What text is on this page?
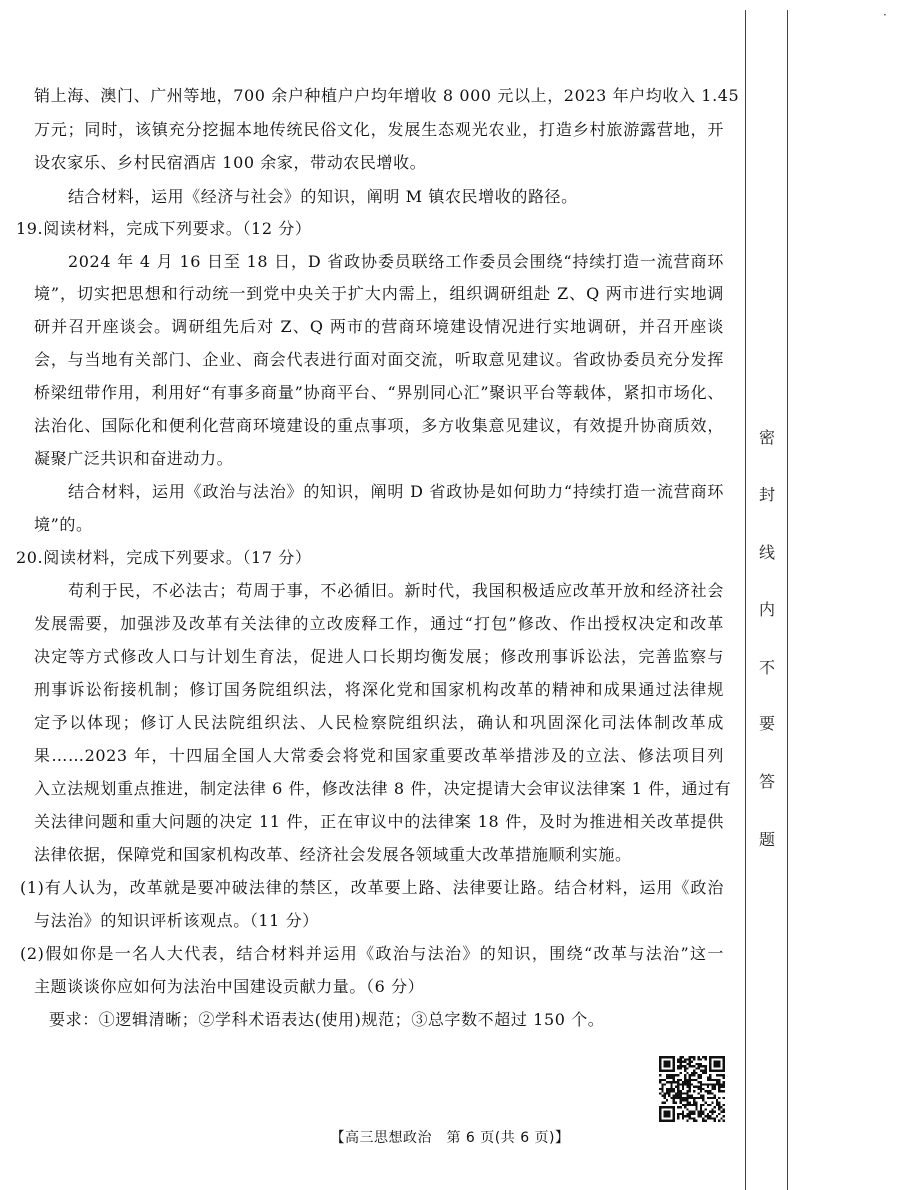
·
销上海、澳门、广州等地，700 余户种植户户均年增收 8 000 元以上，2023 年户均收入 1.45
万元；同时，该镇充分挖掘本地传统民俗文化，发展生态观光农业，打造乡村旅游露营地，开
设农家乐、乡村民宿酒店 100 余家，带动农民增收。
结合材料，运用《经济与社会》的知识，阐明 M 镇农民增收的路径。
19.阅读材料，完成下列要求。（12 分）
2024 年 4 月 16 日至 18 日，D 省政协委员联络工作委员会围绕“持续打造一流营商环
境”，切实把思想和行动统一到党中央关于扩大内需上，组织调研组赴 Z、Q 两市进行实地调
研并召开座谈会。调研组先后对 Z、Q 两市的营商环境建设情况进行实地调研，并召开座谈
会，与当地有关部门、企业、商会代表进行面对面交流，听取意见建议。省政协委员充分发挥
桥梁纽带作用，利用好“有事多商量”协商平台、“界别同心汇”聚识平台等载体，紧扣市场化、
法治化、国际化和便利化营商环境建设的重点事项，多方收集意见建议，有效提升协商质效，
凝聚广泛共识和奋进动力。
结合材料，运用《政治与法治》的知识，阐明 D 省政协是如何助力“持续打造一流营商环
境”的。
20.阅读材料，完成下列要求。（17 分）
苟利于民，不必法古；苟周于事，不必循旧。新时代，我国积极适应改革开放和经济社会
发展需要，加强涉及改革有关法律的立改废释工作，通过“打包”修改、作出授权决定和改革
决定等方式修改人口与计划生育法，促进人口长期均衡发展；修改刑事诉讼法，完善监察与
刑事诉讼衔接机制；修订国务院组织法，将深化党和国家机构改革的精神和成果通过法律规
定予以体现；修订人民法院组织法、人民检察院组织法，确认和巩固深化司法体制改革成
果……2023 年，十四届全国人大常委会将党和国家重要改革举措涉及的立法、修法项目列
入立法规划重点推进，制定法律 6 件，修改法律 8 件，决定提请大会审议法律案 1 件，通过有
关法律问题和重大问题的决定 11 件，正在审议中的法律案 18 件，及时为推进相关改革提供
法律依据，保障党和国家机构改革、经济社会发展各领域重大改革措施顺利实施。
(1)有人认为，改革就是要冲破法律的禁区，改革要上路、法律要让路。结合材料，运用《政治
与法治》的知识评析该观点。（11 分）
(2)假如你是一名人大代表，结合材料并运用《政治与法治》的知识，围绕“改革与法治”这一
主题谈谈你应如何为法治中国建设贡献力量。（6 分）
要求：①逻辑清晰；②学科术语表达(使用)规范；③总字数不超过 150 个。
密
封
线
内
不
要
答
题
【高三思想政治　第 6 页(共 6 页)】
